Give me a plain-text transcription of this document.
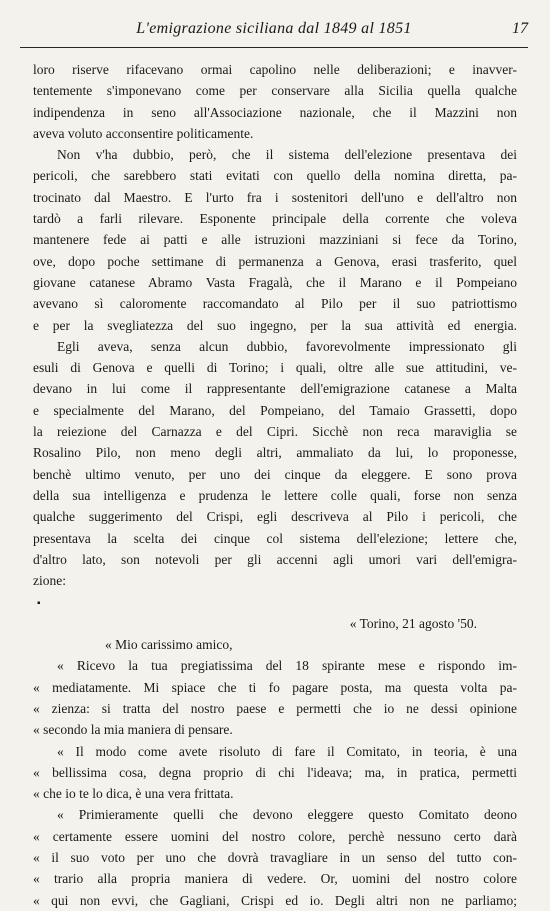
L'emigrazione siciliana dal 1849 al 1851	17
loro riserve rifacevano ormai capolino nelle deliberazioni; e inavver-
tentemente s'imponevano come per conservare alla Sicilia quella qualche
indipendenza in seno all'Associazione nazionale, che il Mazzini non
aveva voluto acconsentire politicamente.
Non v'ha dubbio, però, che il sistema dell'elezione presentava dei
pericoli, che sarebbero stati evitati con quello della nomina diretta, pa-
trocinato dal Maestro. E l'urto fra i sostenitori dell'uno e dell'altro non
tardò a farli rilevare. Esponente principale della corrente che voleva
mantenere fede ai patti e alle istruzioni mazziniani si fece da Torino,
ove, dopo poche settimane di permanenza a Genova, erasi trasferito, quel
giovane catanese Abramo Vasta Fragalà, che il Marano e il Pompeiano
avevano sì caloromente raccomandato al Pilo per il suo patriottismo
e per la svegliatezza del suo ingegno, per la sua attività ed energia.
Egli aveva, senza alcun dubbio, favorevolmente impressionato gli
esuli di Genova e quelli di Torino; i quali, oltre alle sue attitudini, ve-
devano in lui come il rappresentante dell'emigrazione catanese a Malta
e specialmente del Marano, del Pompeiano, del Tamaio Grassetti, dopo
la reiezione del Carnazza e del Cipri. Sicchè non reca maraviglia se
Rosalino Pilo, non meno degli altri, ammaliato da lui, lo proponesse,
benchè ultimo venuto, per uno dei cinque da eleggere. E sono prova
della sua intelligenza e prudenza le lettere colle quali, forse non senza
qualche suggerimento del Crispi, egli descriveva al Pilo i pericoli, che
presentava la scelta dei cinque col sistema dell'elezione; lettere che,
d'altro lato, son notevoli per gli accenni agli umori vari dell'emigra-
zione:
▪
« Torino, 21 agosto '50.
« Mio carissimo amico,
« Ricevo la tua pregiatissima del 18 spirante mese e rispondo im-
« mediatamente. Mi spiace che ti fo pagare posta, ma questa volta pa-
« zienza: si tratta del nostro paese e permetti che io ne dessi opinione
« secondo la mia maniera di pensare.
« Il modo come avete risoluto di fare il Comitato, in teoria, è una
« bellissima cosa, degna proprio di chi l'ideava; ma, in pratica, permetti
« che io te lo dica, è una vera frittata.
« Primieramente quelli che devono eleggere questo Comitato deono
« certamente essere uomini del nostro colore, perchè nessuno certo darà
« il suo voto per uno che dovrà travagliare in un senso del tutto con-
« trario alla propria maniera di vedere. Or, uomini del nostro colore
« qui non evvi, che Gagliani, Crispi ed io. Degli altri non ne parliamo;
